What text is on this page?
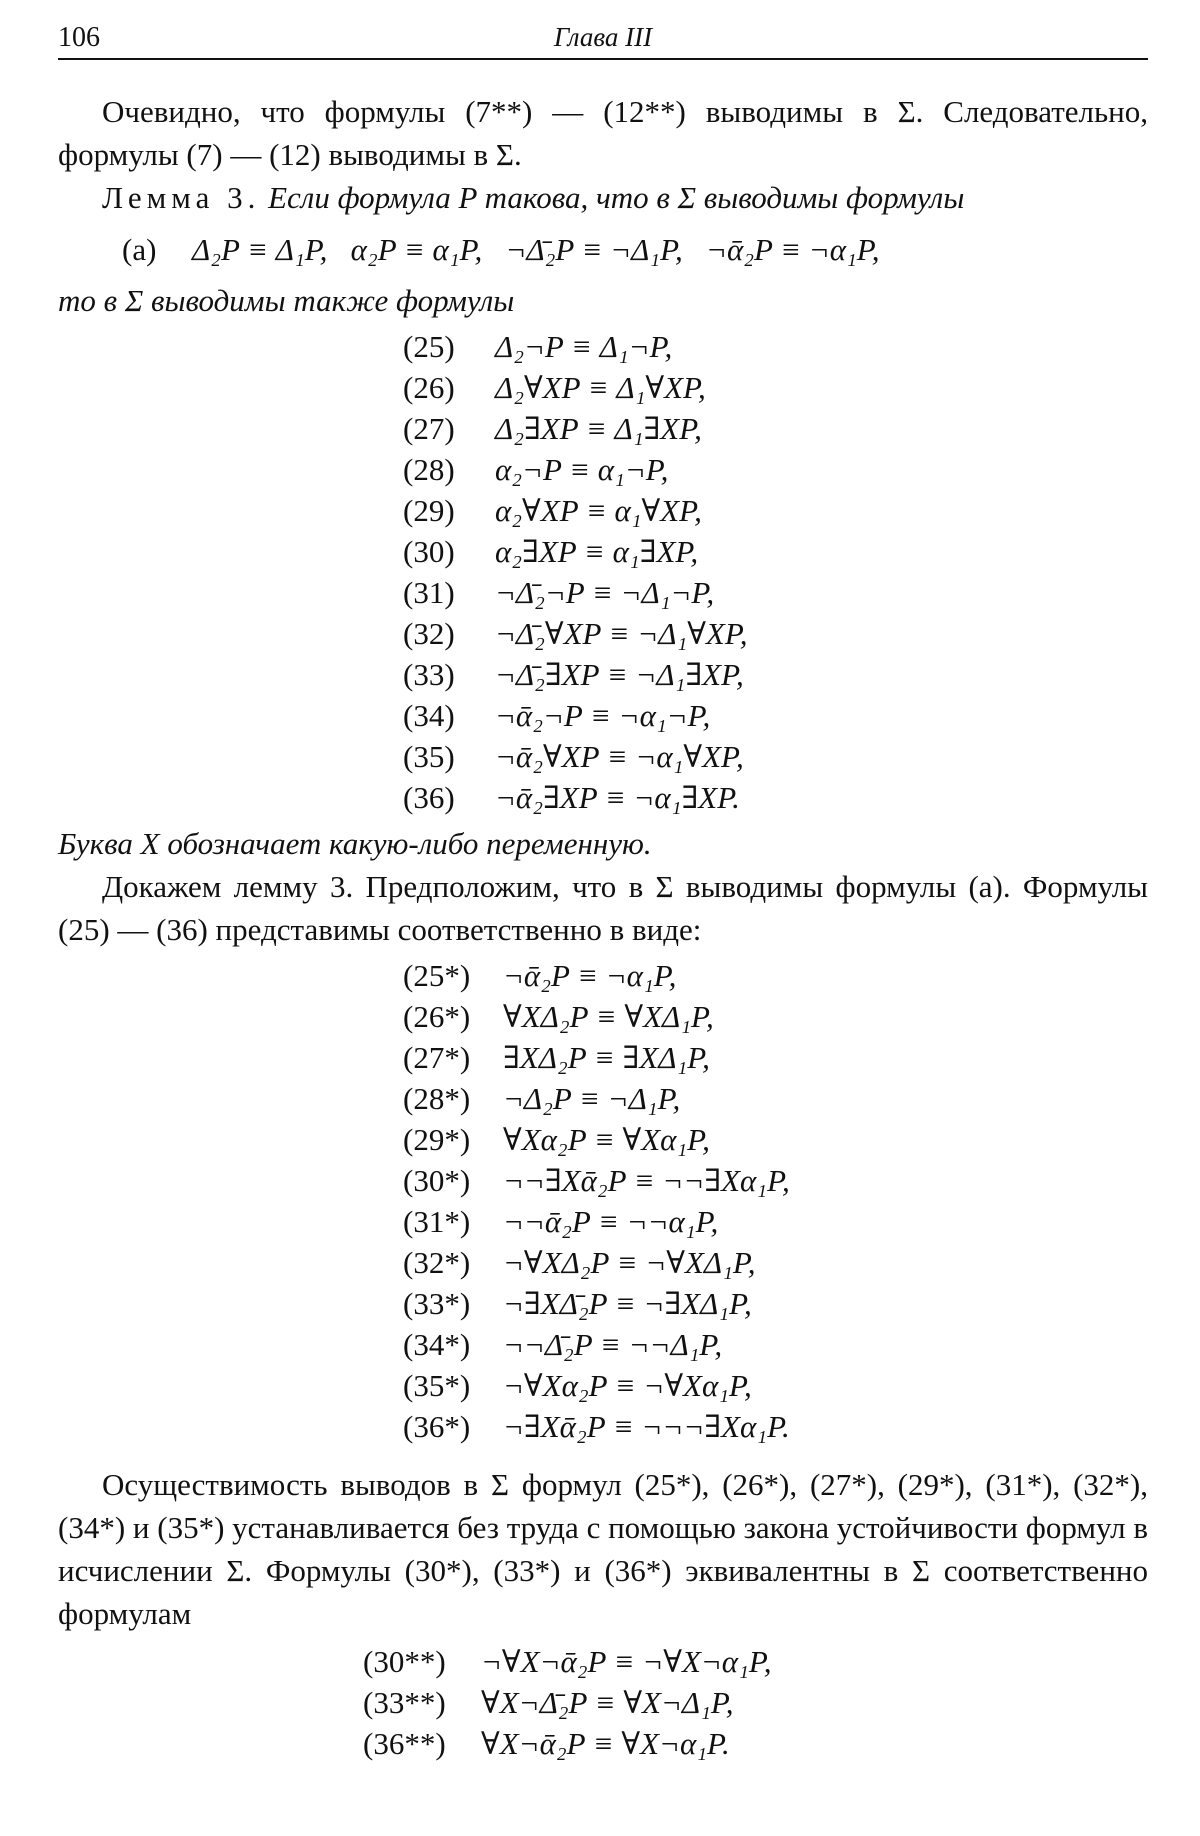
106	Глава III

Очевидно, что формулы (7**) — (12**) выводимы в Σ. Следовательно, формулы (7) — (12) выводимы в Σ.

Лемма 3. Если формула P такова, что в Σ выводимы формулы

(a) Δ₂P ≡ Δ₁P,   α₂P ≡ α₁P,   ¬Δ̄₂P ≡ ¬Δ₁P,   ¬ᾱ₂P ≡ ¬α₁P,

то в Σ выводимы также формулы

(25)	Δ₂¬P ≡ Δ₁¬P,
(26)	Δ₂∀XP ≡ Δ₁∀XP,
(27)	Δ₂∃XP ≡ Δ₁∃XP,
(28)	α₂¬P ≡ α₁¬P,
(29)	α₂∀XP ≡ α₁∀XP,
(30)	α₂∃XP ≡ α₁∃XP,
(31)	¬Δ̄₂¬P ≡ ¬Δ₁¬P,
(32)	¬Δ̄₂∀XP ≡ ¬Δ₁∀XP,
(33)	¬Δ̄₂∃XP ≡ ¬Δ₁∃XP,
(34)	¬ᾱ₂¬P ≡ ¬α₁¬P,
(35)	¬ᾱ₂∀XP ≡ ¬α₁∀XP,
(36)	¬ᾱ₂∃XP ≡ ¬α₁∃XP.

Буква X обозначает какую-либо переменную.

Докажем лемму 3. Предположим, что в Σ выводимы формулы (a). Формулы (25) — (36) представимы соответственно в виде:

(25*)	¬ᾱ₂P ≡ ¬α₁P,
(26*)	∀XΔ₂P ≡ ∀XΔ₁P,
(27*)	∃XΔ₂P ≡ ∃XΔ₁P,
(28*)	¬Δ₂P ≡ ¬Δ₁P,
(29*)	∀Xα₂P ≡ ∀Xα₁P,
(30*)	¬¬∃Xᾱ₂P ≡ ¬¬∃Xα₁P,
(31*)	¬¬ᾱ₂P ≡ ¬¬α₁P,
(32*)	¬∀XΔ₂P ≡ ¬∀XΔ₁P,
(33*)	¬∃XΔ̄₂P ≡ ¬∃XΔ₁P,
(34*)	¬¬Δ̄₂P ≡ ¬¬Δ₁P,
(35*)	¬∀Xα₂P ≡ ¬∀Xα₁P,
(36*)	¬∃Xᾱ₂P ≡ ¬¬¬∃Xα₁P.

Осуществимость выводов в Σ формул (25*), (26*), (27*), (29*), (31*), (32*), (34*) и (35*) устанавливается без труда с помощью закона устойчивости формул в исчислении Σ. Формулы (30*), (33*) и (36*) эквивалентны в Σ соответственно формулам

(30**)	¬∀X¬ᾱ₂P ≡ ¬∀X¬α₁P,
(33**)	∀X¬Δ̄₂P ≡ ∀X¬Δ₁P,
(36**)	∀X¬ᾱ₂P ≡ ∀X¬α₁P.
